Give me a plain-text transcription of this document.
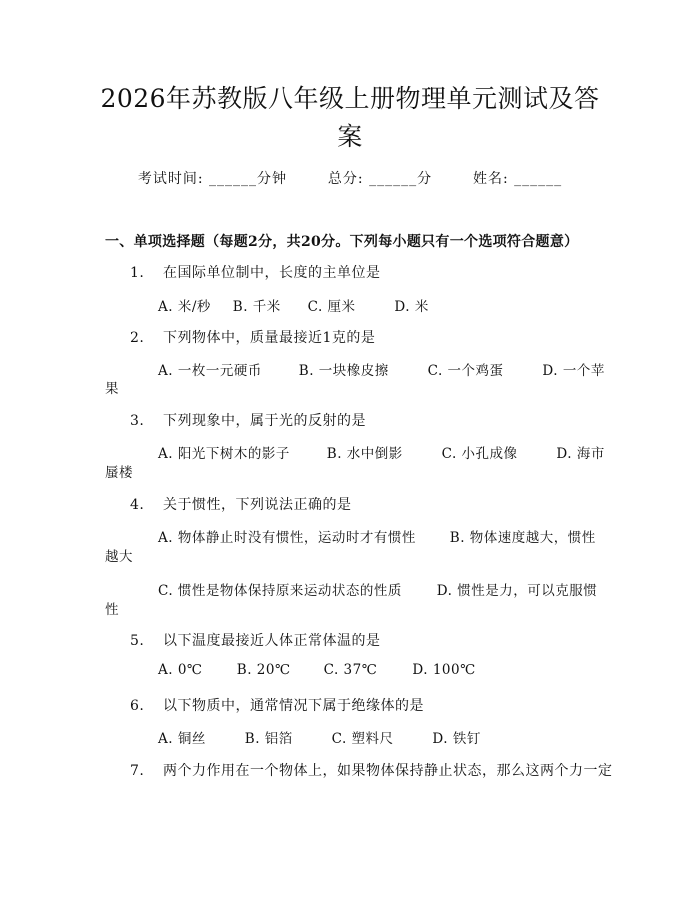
2026年苏教版八年级上册物理单元测试及答
案
考试时间: ______分钟	总分: ______分	姓名: ______
一、单项选择题（每题2分，共20分。下列每小题只有一个选项符合题意）
1. 在国际单位制中，长度的主单位是
A. 米/秒 B. 千米 C. 厘米	D. 米
2. 下列物体中，质量最接近1克的是
A. 一枚一元硬币	B. 一块橡皮擦	C. 一个鸡蛋	D. 一个苹
果
3. 下列现象中，属于光的反射的是
A. 阳光下树木的影子	B. 水中倒影	C. 小孔成像	D. 海市
蜃楼
4. 关于惯性，下列说法正确的是
A. 物体静止时没有惯性，运动时才有惯性	B. 物体速度越大，惯性
越大
C. 惯性是物体保持原来运动状态的性质	D. 惯性是力，可以克服惯
性
5. 以下温度最接近人体正常体温的是
A. 0℃	B. 20℃ C. 37℃	D. 100℃
6. 以下物质中，通常情况下属于绝缘体的是
A. 铜丝	B. 铝箔	C. 塑料尺	D. 铁钉
7. 两个力作用在一个物体上，如果物体保持静止状态，那么这两个力一定
